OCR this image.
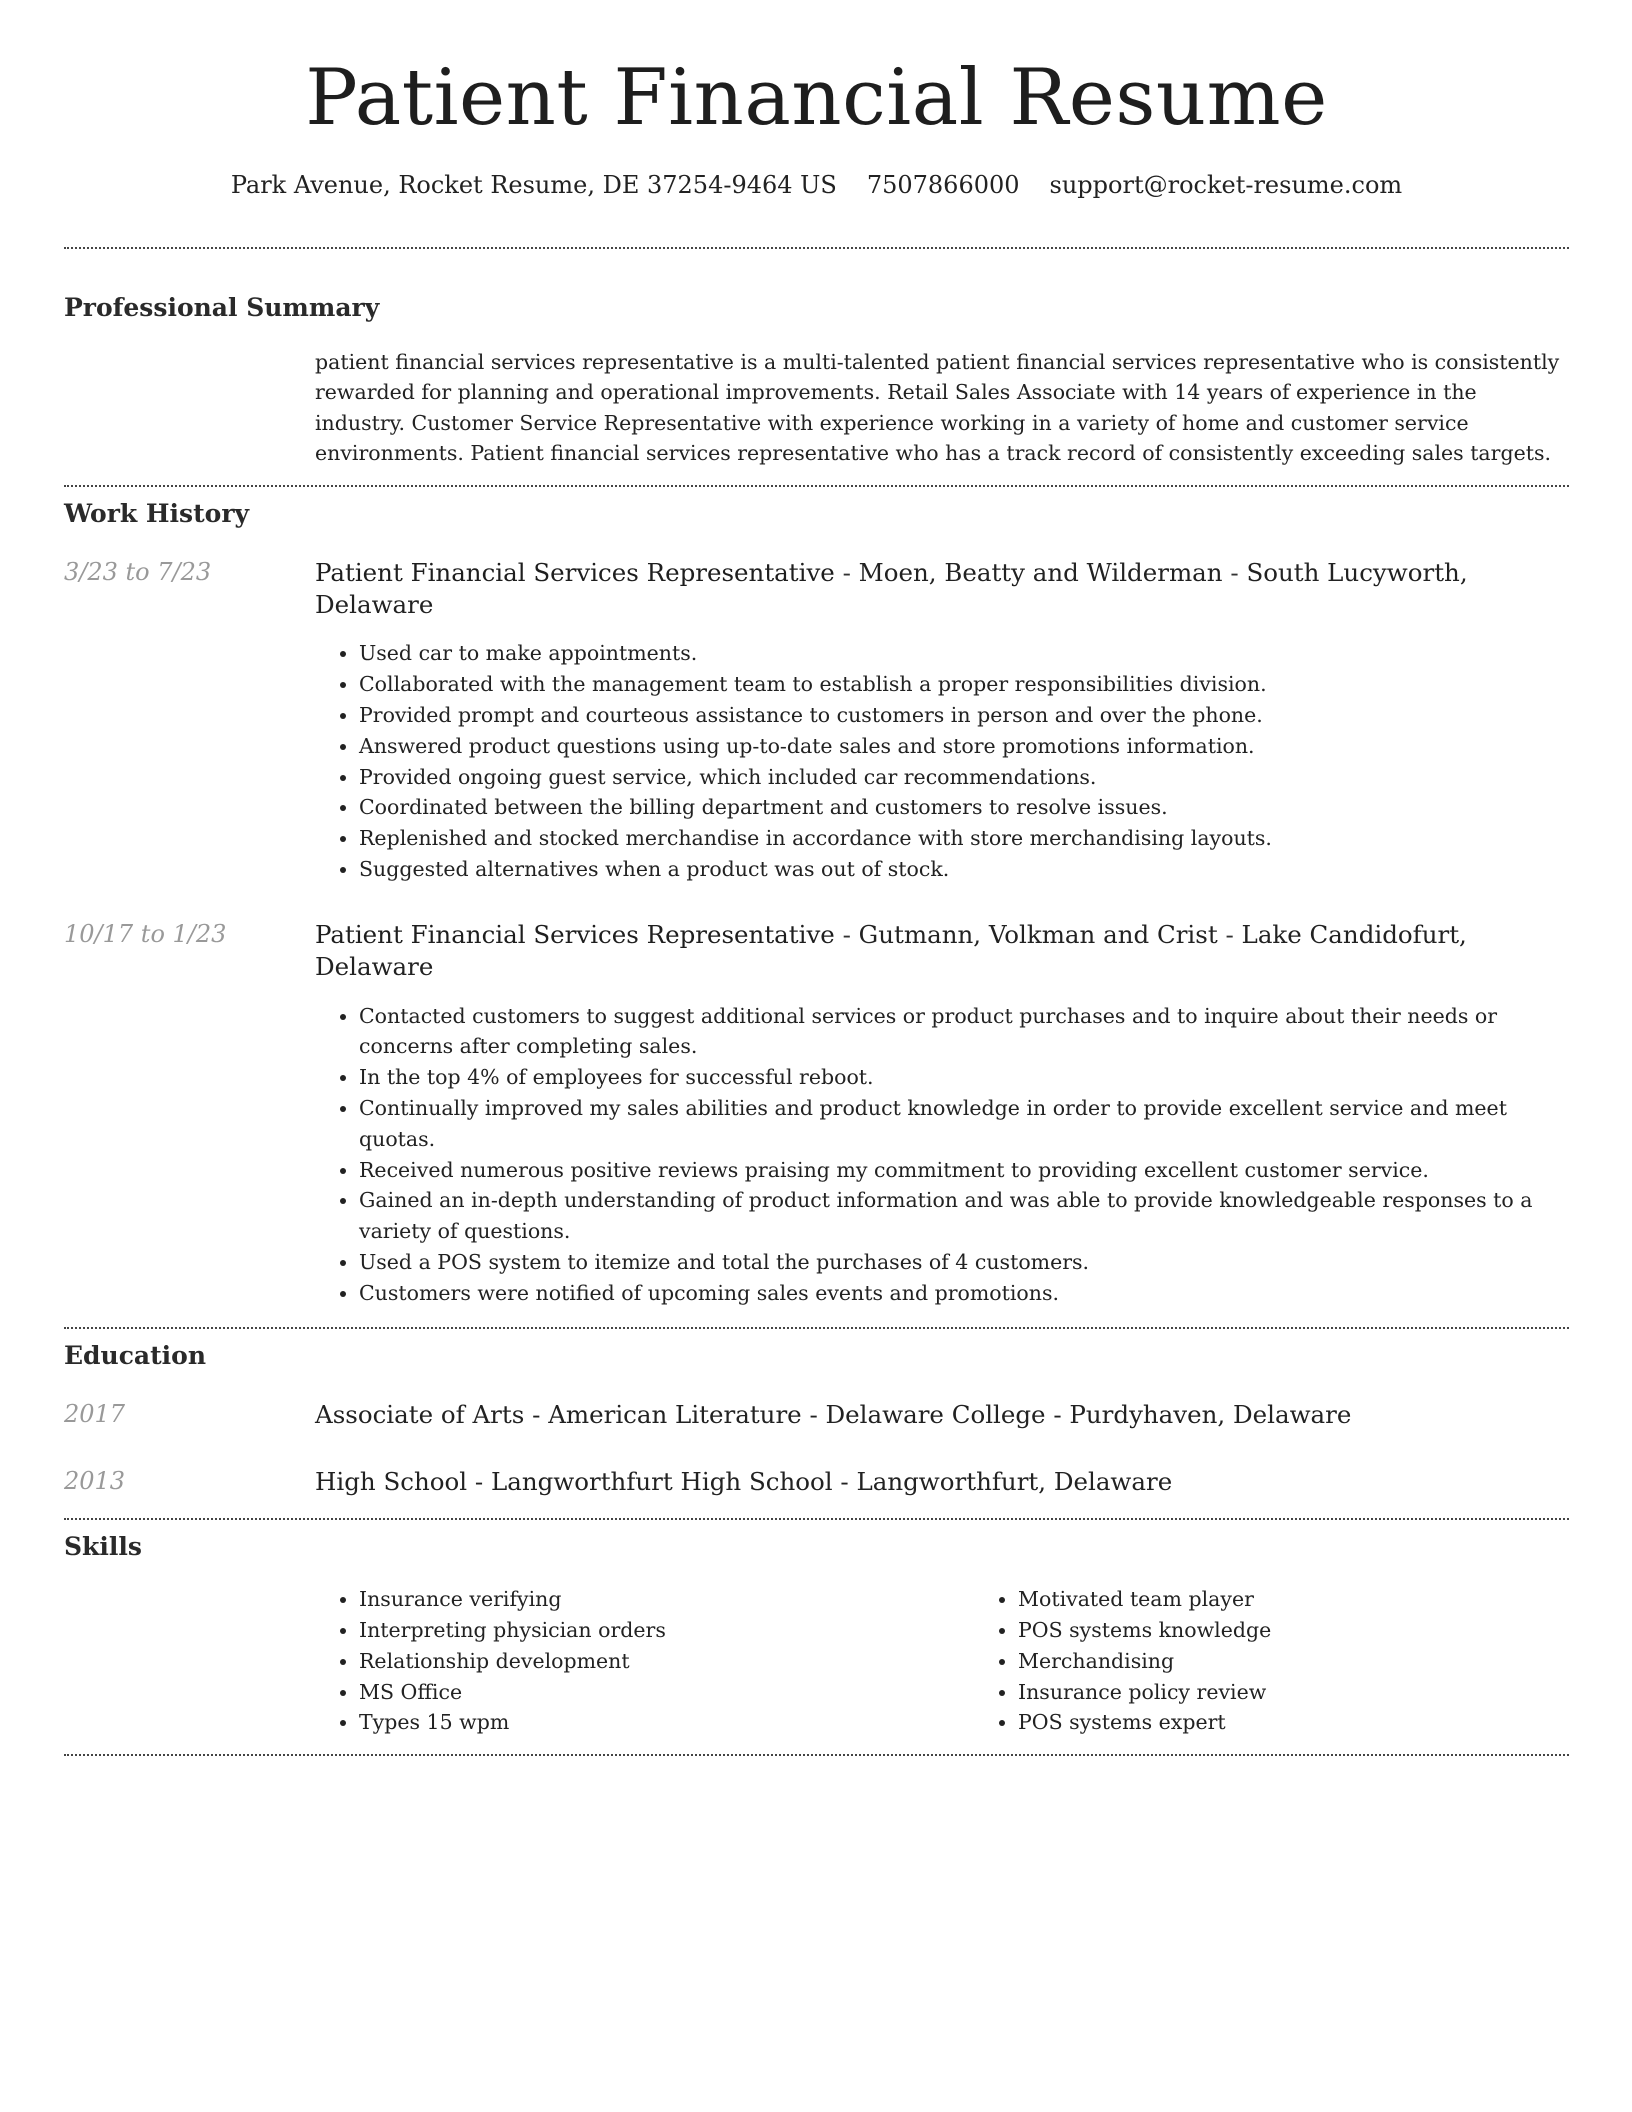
Patient Financial Resume
Park Avenue, Rocket Resume, DE 37254-9464 US 7507866000 support@rocket-resume.com
Professional Summary

patient financial services representative is a multi-talented patient financial services representative who is consistently rewarded for planning and operational improvements. Retail Sales Associate with 14 years of experience in the industry. Customer Service Representative with experience working in a variety of home and customer service environments. Patient financial services representative who has a track record of consistently exceeding sales targets.

Work History
3/23 to 7/23	Patient Financial Services Representative - Moen, Beatty and Wilderman - South Lucyworth, Delaware
• Used car to make appointments.
• Collaborated with the management team to establish a proper responsibilities division.
• Provided prompt and courteous assistance to customers in person and over the phone.
• Answered product questions using up-to-date sales and store promotions information.
• Provided ongoing guest service, which included car recommendations.
• Coordinated between the billing department and customers to resolve issues.
• Replenished and stocked merchandise in accordance with store merchandising layouts.
• Suggested alternatives when a product was out of stock.
10/17 to 1/23	Patient Financial Services Representative - Gutmann, Volkman and Crist - Lake Candidofurt, Delaware
• Contacted customers to suggest additional services or product purchases and to inquire about their needs or concerns after completing sales.
• In the top 4% of employees for successful reboot.
• Continually improved my sales abilities and product knowledge in order to provide excellent service and meet quotas.
• Received numerous positive reviews praising my commitment to providing excellent customer service.
• Gained an in-depth understanding of product information and was able to provide knowledgeable responses to a variety of questions.
• Used a POS system to itemize and total the purchases of 4 customers.
• Customers were notified of upcoming sales events and promotions.
Education
2017	Associate of Arts - American Literature - Delaware College - Purdyhaven, Delaware
2013	High School - Langworthfurt High School - Langworthfurt, Delaware
Skills
• Insurance verifying
• Interpreting physician orders
• Relationship development
• MS Office
• Types 15 wpm
• Motivated team player
• POS systems knowledge
• Merchandising
• Insurance policy review
• POS systems expert
